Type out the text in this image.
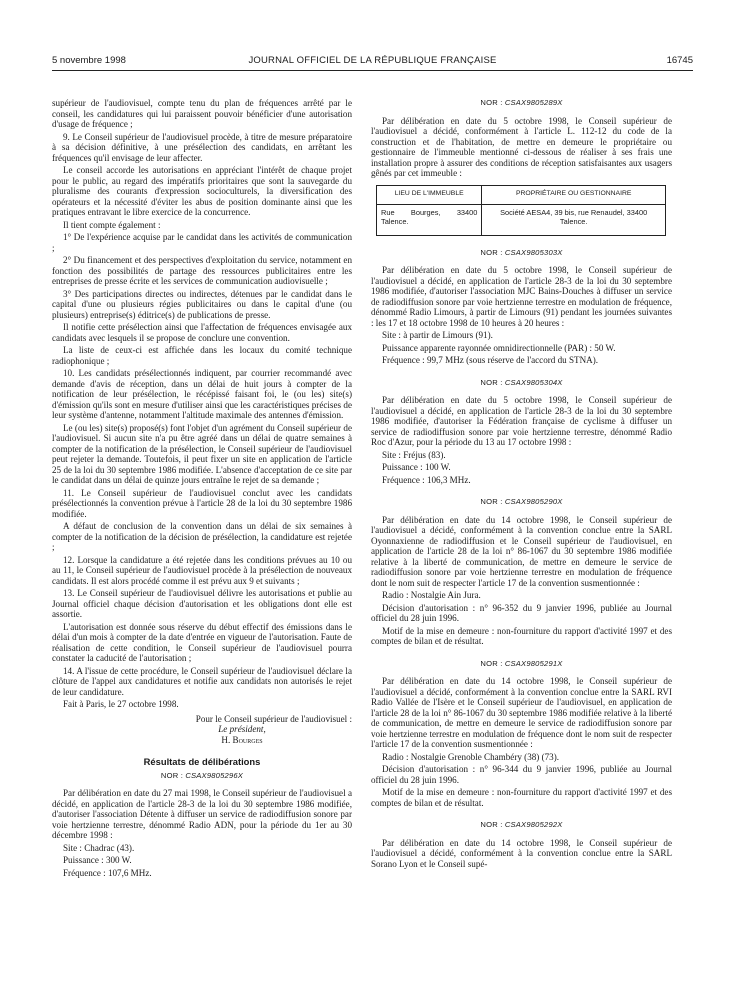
5 novembre 1998	JOURNAL OFFICIEL DE LA RÉPUBLIQUE FRANÇAISE	16745

supérieur de l'audiovisuel, compte tenu du plan de fréquences arrêté par le conseil, les candidatures qui lui paraissent pouvoir bénéficier d'une autorisation d'usage de fréquence ;

9. Le Conseil supérieur de l'audiovisuel procède, à titre de mesure préparatoire à sa décision définitive, à une présélection des candidats, en arrêtant les fréquences qu'il envisage de leur affecter.

Le conseil accorde les autorisations en appréciant l'intérêt de chaque projet pour le public, au regard des impératifs prioritaires que sont la sauvegarde du pluralisme des courants d'expression socioculturels, la diversification des opérateurs et la nécessité d'éviter les abus de position dominante ainsi que les pratiques entravant le libre exercice de la concurrence.

Il tient compte également :

1° De l'expérience acquise par le candidat dans les activités de communication ;

2° Du financement et des perspectives d'exploitation du service, notamment en fonction des possibilités de partage des ressources publicitaires entre les entreprises de presse écrite et les services de communication audiovisuelle ;

3° Des participations directes ou indirectes, détenues par le candidat dans le capital d'une ou plusieurs régies publicitaires ou dans le capital d'une (ou plusieurs) entreprise(s) éditrice(s) de publications de presse.

Il notifie cette présélection ainsi que l'affectation de fréquences envisagée aux candidats avec lesquels il se propose de conclure une convention.

La liste de ceux-ci est affichée dans les locaux du comité technique radiophonique ;

10. Les candidats présélectionnés indiquent, par courrier recommandé avec demande d'avis de réception, dans un délai de huit jours à compter de la notification de leur présélection, le récépissé faisant foi, le (ou les) site(s) d'émission qu'ils sont en mesure d'utiliser ainsi que les caractéristiques précises de leur système d'antenne, notamment l'altitude maximale des antennes d'émission.

Le (ou les) site(s) proposé(s) font l'objet d'un agrément du Conseil supérieur de l'audiovisuel. Si aucun site n'a pu être agréé dans un délai de quatre semaines à compter de la notification de la présélection, le Conseil supérieur de l'audiovisuel peut rejeter la demande. Toutefois, il peut fixer un site en application de l'article 25 de la loi du 30 septembre 1986 modifiée. L'absence d'acceptation de ce site par le candidat dans un délai de quinze jours entraîne le rejet de sa demande ;

11. Le Conseil supérieur de l'audiovisuel conclut avec les candidats présélectionnés la convention prévue à l'article 28 de la loi du 30 septembre 1986 modifiée.

A défaut de conclusion de la convention dans un délai de six semaines à compter de la notification de la décision de présélection, la candidature est rejetée ;

12. Lorsque la candidature a été rejetée dans les conditions prévues au 10 ou au 11, le Conseil supérieur de l'audiovisuel procède à la présélection de nouveaux candidats. Il est alors procédé comme il est prévu aux 9 et suivants ;

13. Le Conseil supérieur de l'audiovisuel délivre les autorisations et publie au Journal officiel chaque décision d'autorisation et les obligations dont elle est assortie.

L'autorisation est donnée sous réserve du début effectif des émissions dans le délai d'un mois à compter de la date d'entrée en vigueur de l'autorisation. Faute de réalisation de cette condition, le Conseil supérieur de l'audiovisuel pourra constater la caducité de l'autorisation ;

14. A l'issue de cette procédure, le Conseil supérieur de l'audiovisuel déclare la clôture de l'appel aux candidatures et notifie aux candidats non autorisés le rejet de leur candidature.

Fait à Paris, le 27 octobre 1998.

Pour le Conseil supérieur de l'audiovisuel :
Le président,
H. Bourges
Résultats de délibérations
NOR : CSAX9805296X

Par délibération en date du 27 mai 1998, le Conseil supérieur de l'audiovisuel a décidé, en application de l'article 28-3 de la loi du 30 septembre 1986 modifiée, d'autoriser l'association Détente à diffuser un service de radiodiffusion sonore par voie hertzienne terrestre, dénommé Radio ADN, pour la période du 1er au 30 décembre 1998 :

Site : Chadrac (43).

Puissance : 300 W.

Fréquence : 107,6 MHz.

NOR : CSAX9805289X

Par délibération en date du 5 octobre 1998, le Conseil supérieur de l'audiovisuel a décidé, conformément à l'article L. 112-12 du code de la construction et de l'habitation, de mettre en demeure le propriétaire ou gestionnaire de l'immeuble mentionné ci-dessous de réaliser à ses frais une installation propre à assurer des conditions de réception satisfaisantes aux usagers gênés par cet immeuble :

LIEU DE L'IMMEUBLE	PROPRIÉTAIRE OU GESTIONNAIRE
Rue Bourges, 33400 Talence.	Société AESA4, 39 bis, rue Renaudel, 33400 Talence.
NOR : CSAX9805303X

Par délibération en date du 5 octobre 1998, le Conseil supérieur de l'audiovisuel a décidé, en application de l'article 28-3 de la loi du 30 septembre 1986 modifiée, d'autoriser l'association MJC Bains-Douches à diffuser un service de radiodiffusion sonore par voie hertzienne terrestre en modulation de fréquence, dénommé Radio Limours, à partir de Limours (91) pendant les journées suivantes : les 17 et 18 octobre 1998 de 10 heures à 20 heures :

Site : à partir de Limours (91).

Puissance apparente rayonnée omnidirectionnelle (PAR) : 50 W.

Fréquence : 99,7 MHz (sous réserve de l'accord du STNA).

NOR : CSAX9805304X

Par délibération en date du 5 octobre 1998, le Conseil supérieur de l'audiovisuel a décidé, en application de l'article 28-3 de la loi du 30 septembre 1986 modifiée, d'autoriser la Fédération française de cyclisme à diffuser un service de radiodiffusion sonore par voie hertzienne terrestre, dénommé Radio Roc d'Azur, pour la période du 13 au 17 octobre 1998 :

Site : Fréjus (83).

Puissance : 100 W.

Fréquence : 106,3 MHz.

NOR : CSAX9805290X

Par délibération en date du 14 octobre 1998, le Conseil supérieur de l'audiovisuel a décidé, conformément à la convention conclue entre la SARL Oyonnaxienne de radiodiffusion et le Conseil supérieur de l'audiovisuel, en application de l'article 28 de la loi n° 86-1067 du 30 septembre 1986 modifiée relative à la liberté de communication, de mettre en demeure le service de radiodiffusion sonore par voie hertzienne terrestre en modulation de fréquence dont le nom suit de respecter l'article 17 de la convention susmentionnée :

Radio : Nostalgie Ain Jura.

Décision d'autorisation : n° 96-352 du 9 janvier 1996, publiée au Journal officiel du 28 juin 1996.

Motif de la mise en demeure : non-fourniture du rapport d'activité 1997 et des comptes de bilan et de résultat.

NOR : CSAX9805291X

Par délibération en date du 14 octobre 1998, le Conseil supérieur de l'audiovisuel a décidé, conformément à la convention conclue entre la SARL RVI Radio Vallée de l'Isère et le Conseil supérieur de l'audiovisuel, en application de l'article 28 de la loi n° 86-1067 du 30 septembre 1986 modifiée relative à la liberté de communication, de mettre en demeure le service de radiodiffusion sonore par voie hertzienne terrestre en modulation de fréquence dont le nom suit de respecter l'article 17 de la convention susmentionnée :

Radio : Nostalgie Grenoble Chambéry (38) (73).

Décision d'autorisation : n° 96-344 du 9 janvier 1996, publiée au Journal officiel du 28 juin 1996.

Motif de la mise en demeure : non-fourniture du rapport d'activité 1997 et des comptes de bilan et de résultat.

NOR : CSAX9805292X

Par délibération en date du 14 octobre 1998, le Conseil supérieur de l'audiovisuel a décidé, conformément à la convention conclue entre la SARL Sorano Lyon et le Conseil supé-
